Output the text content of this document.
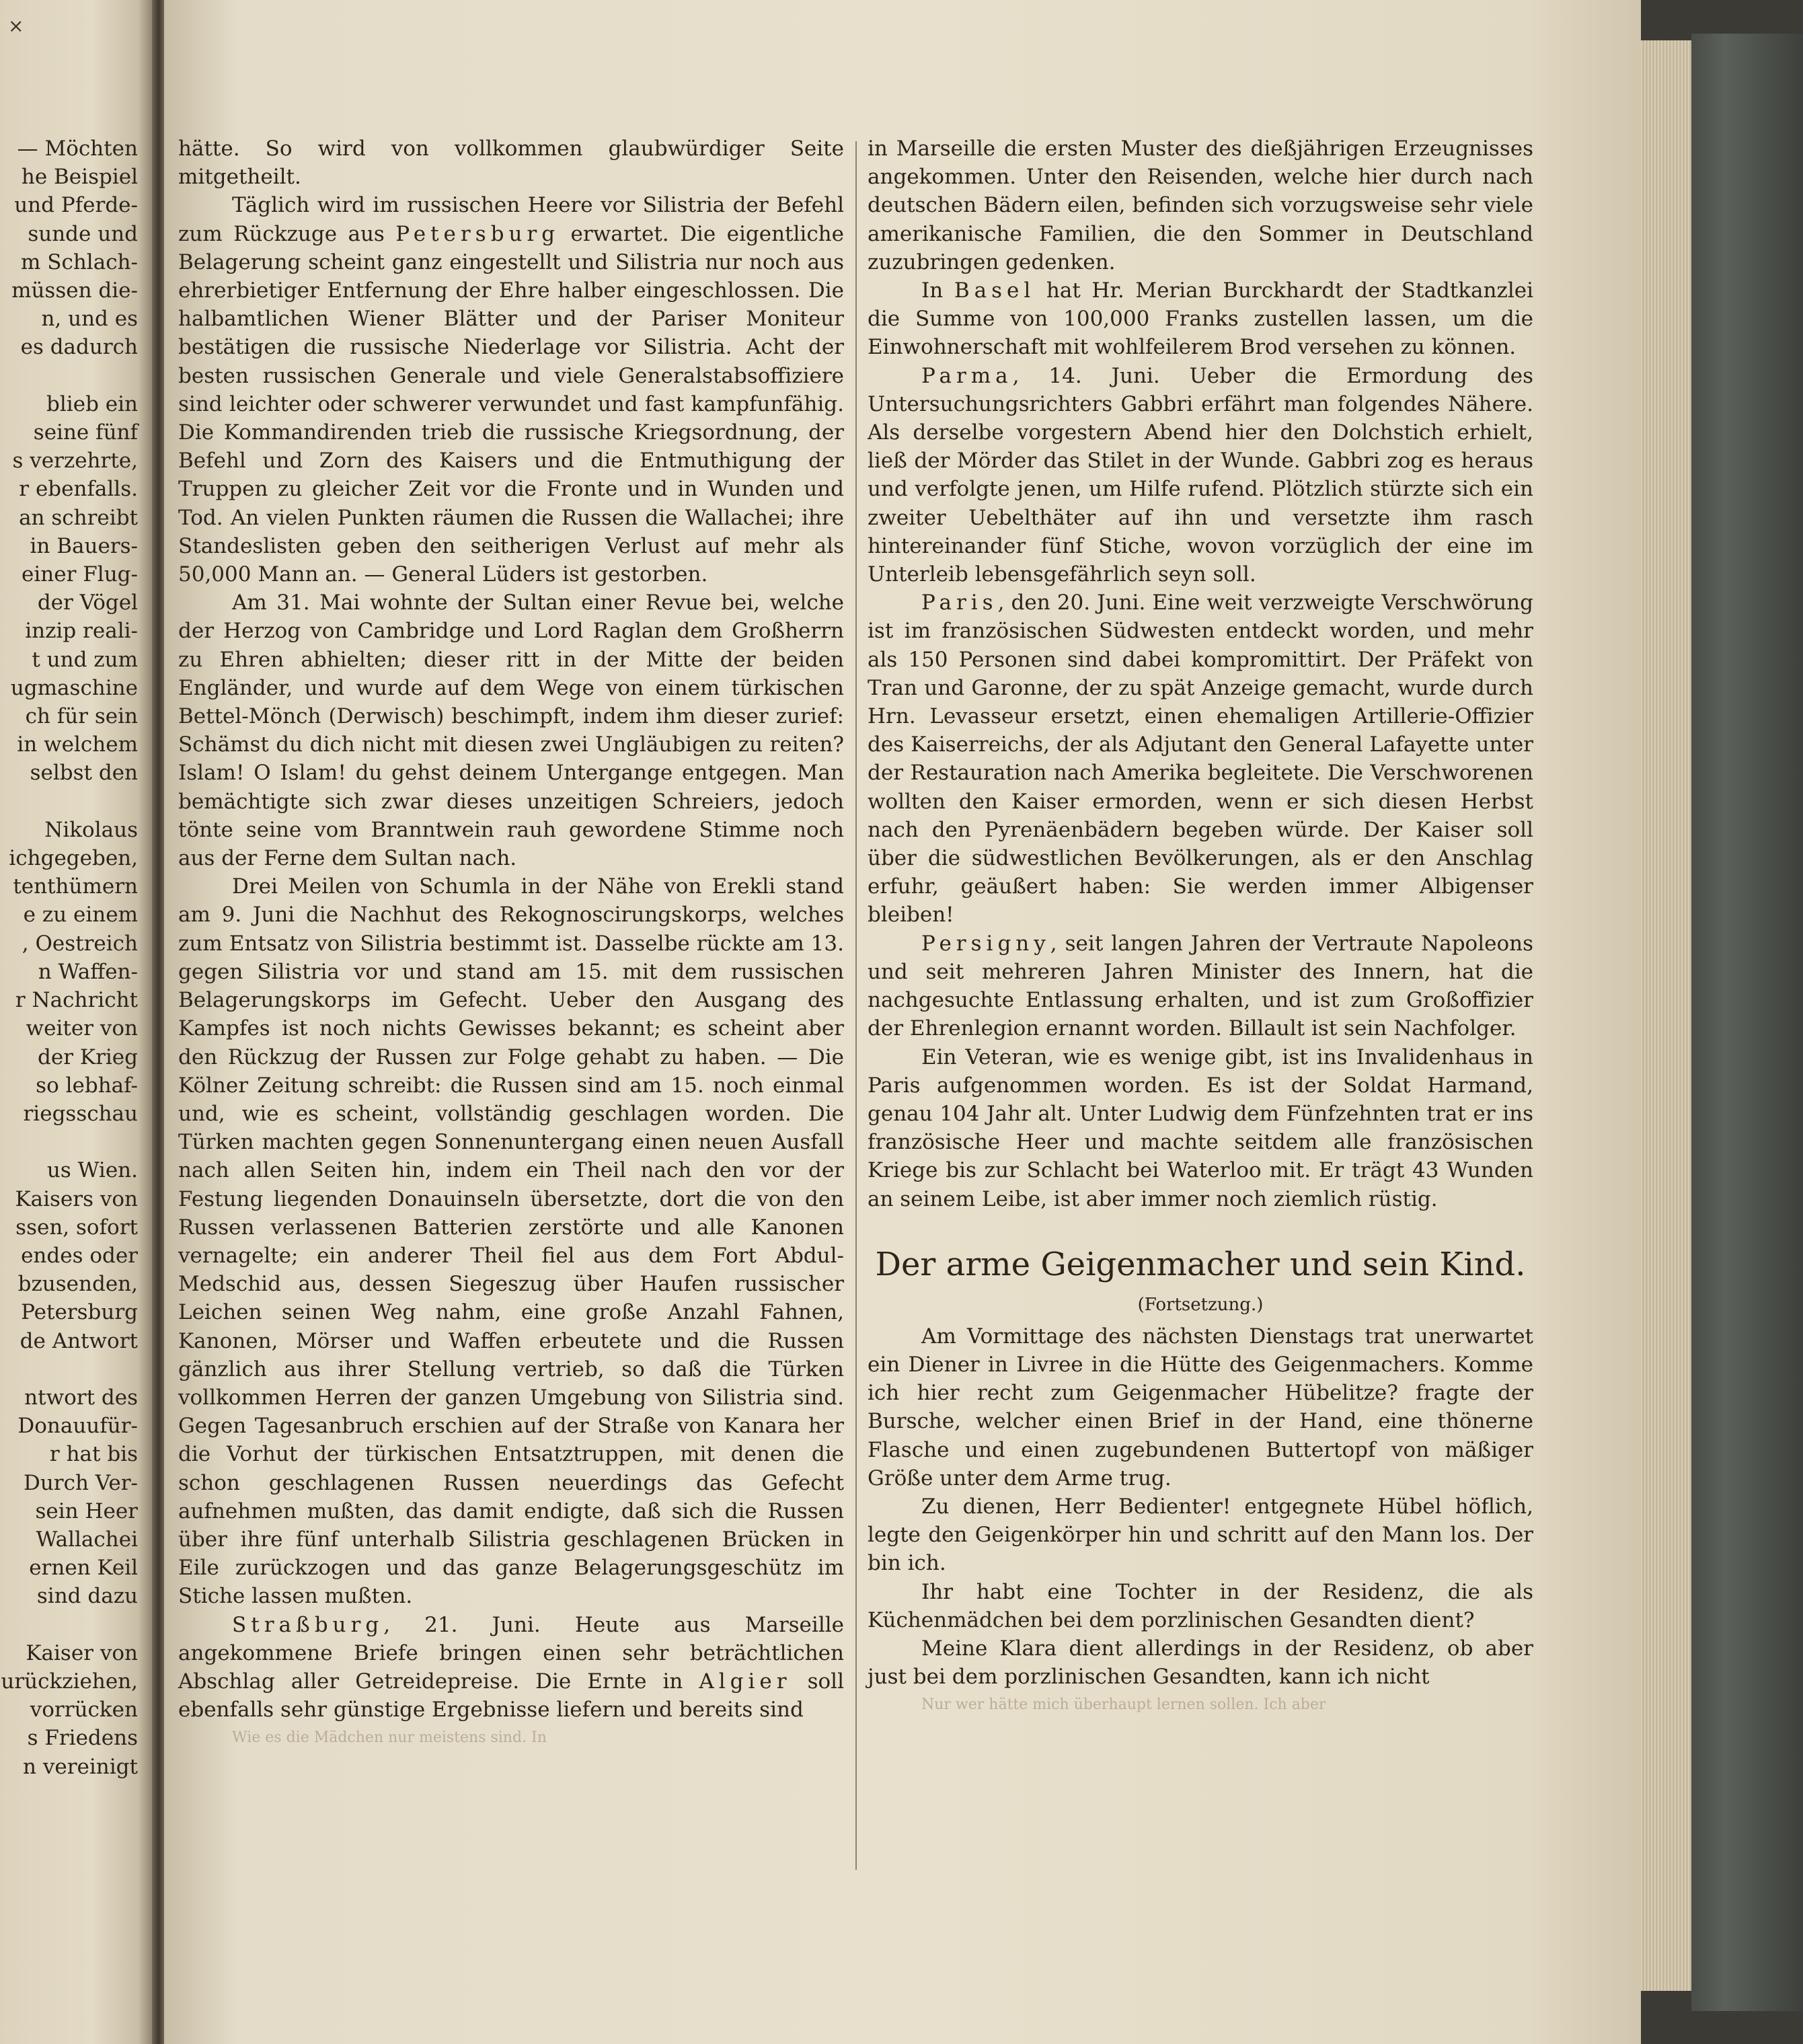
×
— Möchten
he Beispiel
und Pferde-
sunde und
m Schlach-
müssen die-
n, und es
es dadurch

blieb ein
seine fünf
s verzehrte,
r ebenfalls.
an schreibt
in Bauers-
einer Flug-
der Vögel
inzip reali-
t und zum
ugmaschine
ch für sein
in welchem
selbst den

Nikolaus
ichgegeben,
tenthümern
e zu einem
, Oestreich
n Waffen-
r Nachricht
weiter von
der Krieg
so lebhaf-
riegsschau

us Wien.
Kaisers von
ssen, sofort
endes oder
bzusenden,
Petersburg
de Antwort

ntwort des
Donauufür-
r hat bis
Durch Ver-
sein Heer
Wallachei
ernen Keil
sind dazu

Kaiser von
urückziehen,
vorrücken
s Friedens
n vereinigt

hätte. So wird von vollkommen glaubwürdiger Seite mitgetheilt.

Täglich wird im russischen Heere vor Silistria der Befehl zum Rückzuge aus Petersburg erwartet. Die eigentliche Belagerung scheint ganz eingestellt und Silistria nur noch aus ehrerbietiger Entfernung der Ehre halber eingeschlossen. Die halbamtlichen Wiener Blätter und der Pariser Moniteur bestätigen die russische Niederlage vor Silistria. Acht der besten russischen Generale und viele Generalstabsoffiziere sind leichter oder schwerer verwundet und fast kampfunfähig. Die Kommandirenden trieb die russische Kriegsordnung, der Befehl und Zorn des Kaisers und die Entmuthigung der Truppen zu gleicher Zeit vor die Fronte und in Wunden und Tod. An vielen Punkten räumen die Russen die Wallachei; ihre Standeslisten geben den seitherigen Verlust auf mehr als 50,000 Mann an. — General Lüders ist gestorben.

Am 31. Mai wohnte der Sultan einer Revue bei, welche der Herzog von Cambridge und Lord Raglan dem Großherrn zu Ehren abhielten; dieser ritt in der Mitte der beiden Engländer, und wurde auf dem Wege von einem türkischen Bettel-Mönch (Derwisch) beschimpft, indem ihm dieser zurief: Schämst du dich nicht mit diesen zwei Ungläubigen zu reiten? Islam! O Islam! du gehst deinem Untergange entgegen. Man bemächtigte sich zwar dieses unzeitigen Schreiers, jedoch tönte seine vom Branntwein rauh gewordene Stimme noch aus der Ferne dem Sultan nach.

Drei Meilen von Schumla in der Nähe von Erekli stand am 9. Juni die Nachhut des Rekognoscirungskorps, welches zum Entsatz von Silistria bestimmt ist. Dasselbe rückte am 13. gegen Silistria vor und stand am 15. mit dem russischen Belagerungskorps im Gefecht. Ueber den Ausgang des Kampfes ist noch nichts Gewisses bekannt; es scheint aber den Rückzug der Russen zur Folge gehabt zu haben. — Die Kölner Zeitung schreibt: die Russen sind am 15. noch einmal und, wie es scheint, vollständig geschlagen worden. Die Türken machten gegen Sonnenuntergang einen neuen Ausfall nach allen Seiten hin, indem ein Theil nach den vor der Festung liegenden Donauinseln übersetzte, dort die von den Russen verlassenen Batterien zerstörte und alle Kanonen vernagelte; ein anderer Theil fiel aus dem Fort Abdul-Medschid aus, dessen Siegeszug über Haufen russischer Leichen seinen Weg nahm, eine große Anzahl Fahnen, Kanonen, Mörser und Waffen erbeutete und die Russen gänzlich aus ihrer Stellung vertrieb, so daß die Türken vollkommen Herren der ganzen Umgebung von Silistria sind. Gegen Tagesanbruch erschien auf der Straße von Kanara her die Vorhut der türkischen Entsatztruppen, mit denen die schon geschlagenen Russen neuerdings das Gefecht aufnehmen mußten, das damit endigte, daß sich die Russen über ihre fünf unterhalb Silistria geschlagenen Brücken in Eile zurückzogen und das ganze Belagerungsgeschütz im Stiche lassen mußten.

Straßburg, 21. Juni. Heute aus Marseille angekommene Briefe bringen einen sehr beträchtlichen Abschlag aller Getreidepreise. Die Ernte in Algier soll ebenfalls sehr günstige Ergebnisse liefern und bereits sind

Wie es die Mädchen nur meistens sind. In

in Marseille die ersten Muster des dießjährigen Erzeugnisses angekommen. Unter den Reisenden, welche hier durch nach deutschen Bädern eilen, befinden sich vorzugsweise sehr viele amerikanische Familien, die den Sommer in Deutschland zuzubringen gedenken.

In Basel hat Hr. Merian Burckhardt der Stadtkanzlei die Summe von 100,000 Franks zustellen lassen, um die Einwohnerschaft mit wohlfeilerem Brod versehen zu können.

Parma, 14. Juni. Ueber die Ermordung des Untersuchungsrichters Gabbri erfährt man folgendes Nähere. Als derselbe vorgestern Abend hier den Dolchstich erhielt, ließ der Mörder das Stilet in der Wunde. Gabbri zog es heraus und verfolgte jenen, um Hilfe rufend. Plötzlich stürzte sich ein zweiter Uebelthäter auf ihn und versetzte ihm rasch hintereinander fünf Stiche, wovon vorzüglich der eine im Unterleib lebensgefährlich seyn soll.

Paris, den 20. Juni. Eine weit verzweigte Verschwörung ist im französischen Südwesten entdeckt worden, und mehr als 150 Personen sind dabei kompromittirt. Der Präfekt von Tran und Garonne, der zu spät Anzeige gemacht, wurde durch Hrn. Levasseur ersetzt, einen ehemaligen Artillerie-Offizier des Kaiserreichs, der als Adjutant den General Lafayette unter der Restauration nach Amerika begleitete. Die Verschworenen wollten den Kaiser ermorden, wenn er sich diesen Herbst nach den Pyrenäenbädern begeben würde. Der Kaiser soll über die südwestlichen Bevölkerungen, als er den Anschlag erfuhr, geäußert haben: Sie werden immer Albigenser bleiben!

Persigny, seit langen Jahren der Vertraute Napoleons und seit mehreren Jahren Minister des Innern, hat die nachgesuchte Entlassung erhalten, und ist zum Großoffizier der Ehrenlegion ernannt worden. Billault ist sein Nachfolger.

Ein Veteran, wie es wenige gibt, ist ins Invalidenhaus in Paris aufgenommen worden. Es ist der Soldat Harmand, genau 104 Jahr alt. Unter Ludwig dem Fünfzehnten trat er ins französische Heer und machte seitdem alle französischen Kriege bis zur Schlacht bei Waterloo mit. Er trägt 43 Wunden an seinem Leibe, ist aber immer noch ziemlich rüstig.

Der arme Geigenmacher und sein Kind.
(Fortsetzung.)

Am Vormittage des nächsten Dienstags trat unerwartet ein Diener in Livree in die Hütte des Geigenmachers. Komme ich hier recht zum Geigenmacher Hübelitze? fragte der Bursche, welcher einen Brief in der Hand, eine thönerne Flasche und einen zugebundenen Buttertopf von mäßiger Größe unter dem Arme trug.

Zu dienen, Herr Bedienter! entgegnete Hübel höflich, legte den Geigenkörper hin und schritt auf den Mann los. Der bin ich.

Ihr habt eine Tochter in der Residenz, die als Küchenmädchen bei dem porzlinischen Gesandten dient?

Meine Klara dient allerdings in der Residenz, ob aber just bei dem porzlinischen Gesandten, kann ich nicht

Nur wer hätte mich überhaupt lernen sollen. Ich aber
